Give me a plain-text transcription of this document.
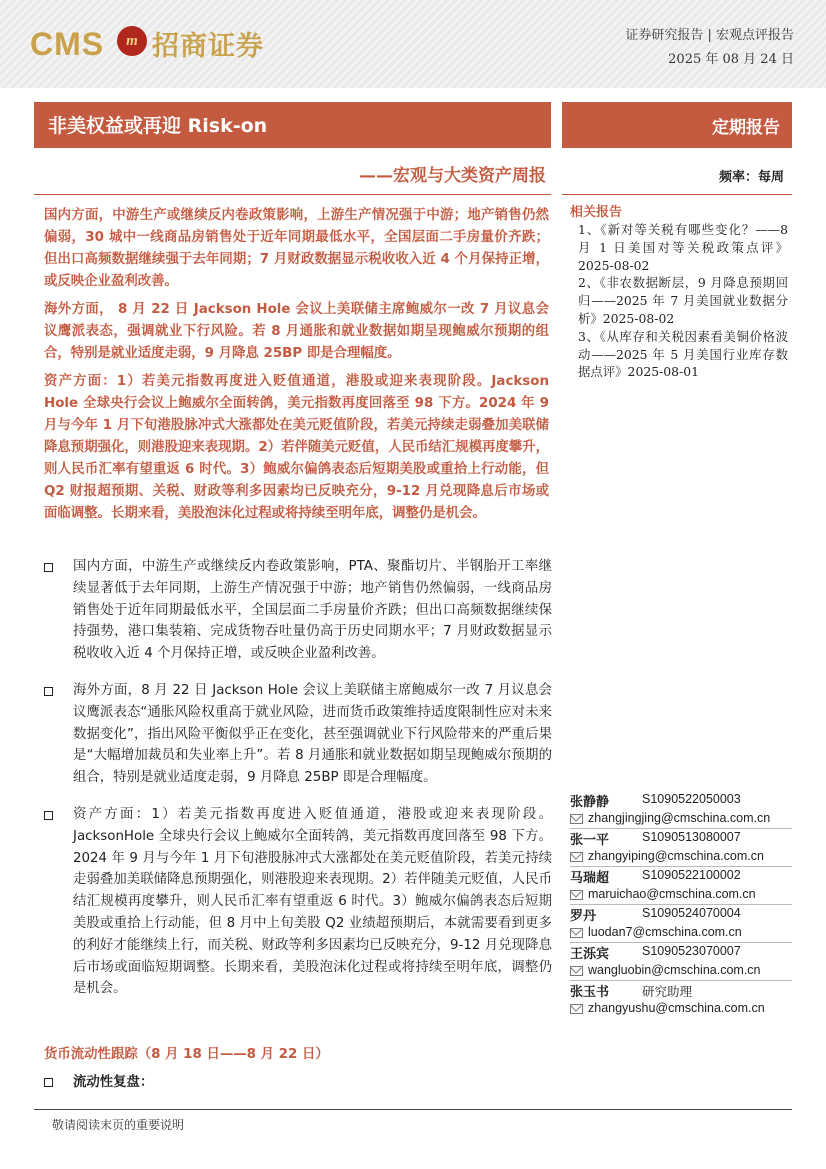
CMS	m 招商证券	证券研究报告 | 宏观点评报告
2025 年 08 月 24 日
非美权益或再迎 Risk-on	定期报告
——宏观与大类资产周报	频率：每周

国内方面，中游生产或继续反内卷政策影响，上游生产情况强于中游；地产销售仍然偏弱，30 城中一线商品房销售处于近年同期最低水平，全国层面二手房量价齐跌；但出口高频数据继续强于去年同期；7 月财政数据显示税收收入近 4 个月保持正增，或反映企业盈利改善。

海外方面， 8 月 22 日 Jackson Hole 会议上美联储主席鲍威尔一改 7 月议息会议鹰派表态，强调就业下行风险。若 8 月通胀和就业数据如期呈现鲍威尔预期的组合，特别是就业适度走弱，9 月降息 25BP 即是合理幅度。

资产方面：1）若美元指数再度进入贬值通道，港股或迎来表现阶段。Jackson Hole 全球央行会议上鲍威尔全面转鸽，美元指数再度回落至 98 下方。2024 年 9 月与今年 1 月下旬港股脉冲式大涨都处在美元贬值阶段，若美元持续走弱叠加美联储降息预期强化，则港股迎来表现期。2）若伴随美元贬值，人民币结汇规模再度攀升，则人民币汇率有望重返 6 时代。3）鲍威尔偏鸽表态后短期美股或重拾上行动能，但 Q2 财报超预期、关税、财政等利多因素均已反映充分，9-12 月兑现降息后市场或面临调整。长期来看，美股泡沫化过程或将持续至明年底，调整仍是机会。

国内方面，中游生产或继续反内卷政策影响，PTA、聚酯切片、半钢胎开工率继续显著低于去年同期，上游生产情况强于中游；地产销售仍然偏弱，一线商品房销售处于近年同期最低水平，全国层面二手房量价齐跌；但出口高频数据继续保持强势，港口集装箱、完成货物吞吐量仍高于历史同期水平；7 月财政数据显示税收收入近 4 个月保持正增，或反映企业盈利改善。
海外方面，8 月 22 日 Jackson Hole 会议上美联储主席鲍威尔一改 7 月议息会议鹰派表态“通胀风险权重高于就业风险，进而货币政策维持适度限制性应对未来数据变化”，指出风险平衡似乎正在变化，甚至强调就业下行风险带来的严重后果是“大幅增加裁员和失业率上升”。若 8 月通胀和就业数据如期呈现鲍威尔预期的组合，特别是就业适度走弱，9 月降息 25BP 即是合理幅度。
资产方面：1）若美元指数再度进入贬值通道，港股或迎来表现阶段。JacksonHole 全球央行会议上鲍威尔全面转鸽，美元指数再度回落至 98 下方。2024 年 9 月与今年 1 月下旬港股脉冲式大涨都处在美元贬值阶段，若美元持续走弱叠加美联储降息预期强化，则港股迎来表现期。2）若伴随美元贬值，人民币结汇规模再度攀升，则人民币汇率有望重返 6 时代。3）鲍威尔偏鸽表态后短期美股或重拾上行动能，但 8 月中上旬美股 Q2 业绩超预期后，本就需要看到更多的利好才能继续上行，而关税、财政等利多因素均已反映充分，9-12 月兑现降息后市场或面临短期调整。长期来看，美股泡沫化过程或将持续至明年底，调整仍是机会。
货币流动性跟踪（8 月 18 日——8 月 22 日）
流动性复盘：
敬请阅读末页的重要说明
相关报告
1、《新对等关税有哪些变化？——8 月 1 日美国对等关税政策点评》2025-08-02
2、《非农数据断层，9 月降息预期回归——2025 年 7 月美国就业数据分析》2025-08-02
3、《从库存和关税因素看美铜价格波动——2025 年 5 月美国行业库存数据点评》2025-08-01
张静静	S1090522050003
zhangjingjing@cmschina.com.cn
张一平	S1090513080007
zhangyiping@cmschina.com.cn
马瑞超	S1090522100002
maruichao@cmschina.com.cn
罗丹	S1090524070004
luodan7@cmschina.com.cn
王泺宾	S1090523070007
wangluobin@cmschina.com.cn
张玉书	研究助理
zhangyushu@cmschina.com.cn
